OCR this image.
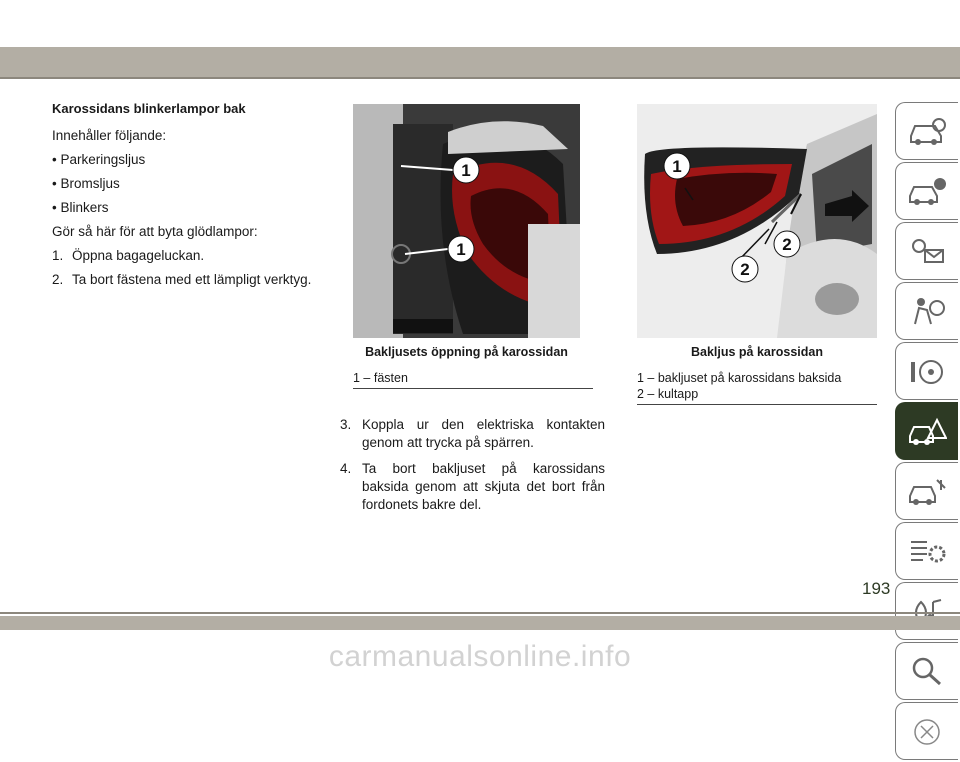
Karossidans blinkerlampor bak

Innehåller följande:

• Parkeringsljus

• Bromsljus

• Blinkers

Gör så här för att byta glödlampor:

1. Öppna bagageluckan.
2. Ta bort fästena med ett lämpligt verktyg.
1
1
Bakljusets öppning på karossidan
1 – fästen
1
2
2
Bakljus på karossidan
1 – bakljuset på karossidans baksida
2 – kultapp
3. Koppla ur den elektriska kontakten genom att trycka på spärren.
4. Ta bort bakljuset på karossidans baksida genom att skjuta det bort från fordonets bakre del.
193
carmanualsonline.info
